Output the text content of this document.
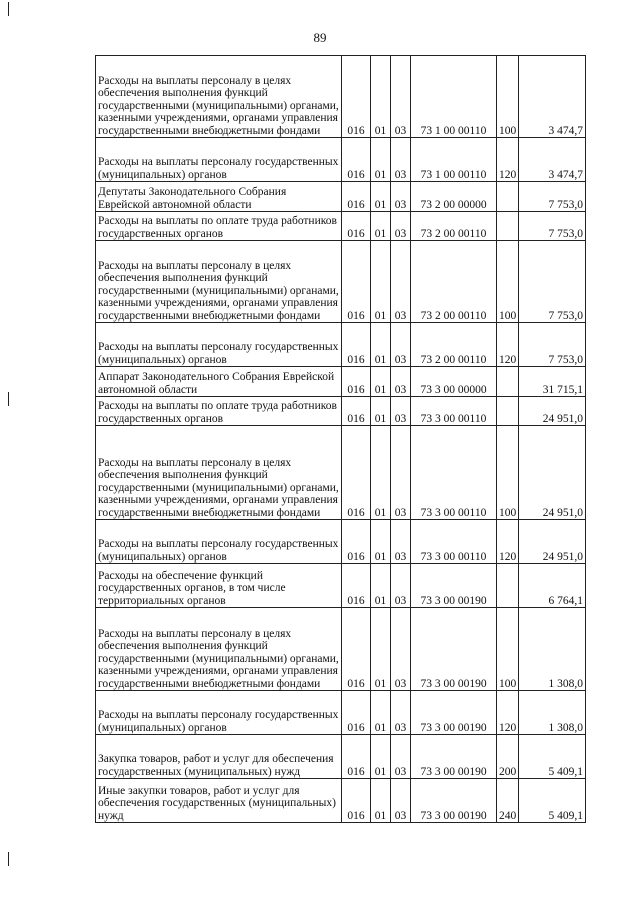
89
Расходы на выплаты персоналу в целях обеспечения выполнения функций государственными (муниципальными) органами, казенными учреждениями, органами управления государственными внебюджетными фондами	016	01	03	73 1 00 00110	100	3 474,7
Расходы на выплаты персоналу государственных (муниципальных) органов	016	01	03	73 1 00 00110	120	3 474,7
Депутаты Законодательного Собрания Еврейской автономной области	016	01	03	73 2 00 00000		7 753,0
Расходы на выплаты по оплате труда работников государственных органов	016	01	03	73 2 00 00110		7 753,0
Расходы на выплаты персоналу в целях обеспечения выполнения функций государственными (муниципальными) органами, казенными учреждениями, органами управления государственными внебюджетными фондами	016	01	03	73 2 00 00110	100	7 753,0
Расходы на выплаты персоналу государственных (муниципальных) органов	016	01	03	73 2 00 00110	120	7 753,0
Аппарат Законодательного Собрания Еврейской автономной области	016	01	03	73 3 00 00000		31 715,1
Расходы на выплаты по оплате труда работников государственных органов	016	01	03	73 3 00 00110		24 951,0
Расходы на выплаты персоналу в целях обеспечения выполнения функций государственными (муниципальными) органами, казенными учреждениями, органами управления государственными внебюджетными фондами	016	01	03	73 3 00 00110	100	24 951,0
Расходы на выплаты персоналу государственных (муниципальных) органов	016	01	03	73 3 00 00110	120	24 951,0
Расходы на обеспечение функций государственных органов, в том числе территориальных органов	016	01	03	73 3 00 00190		6 764,1
Расходы на выплаты персоналу в целях обеспечения выполнения функций государственными (муниципальными) органами, казенными учреждениями, органами управления государственными внебюджетными фондами	016	01	03	73 3 00 00190	100	1 308,0
Расходы на выплаты персоналу государственных (муниципальных) органов	016	01	03	73 3 00 00190	120	1 308,0
Закупка товаров, работ и услуг для обеспечения государственных (муниципальных) нужд	016	01	03	73 3 00 00190	200	5 409,1
Иные закупки товаров, работ и услуг для обеспечения государственных (муниципальных) нужд	016	01	03	73 3 00 00190	240	5 409,1
